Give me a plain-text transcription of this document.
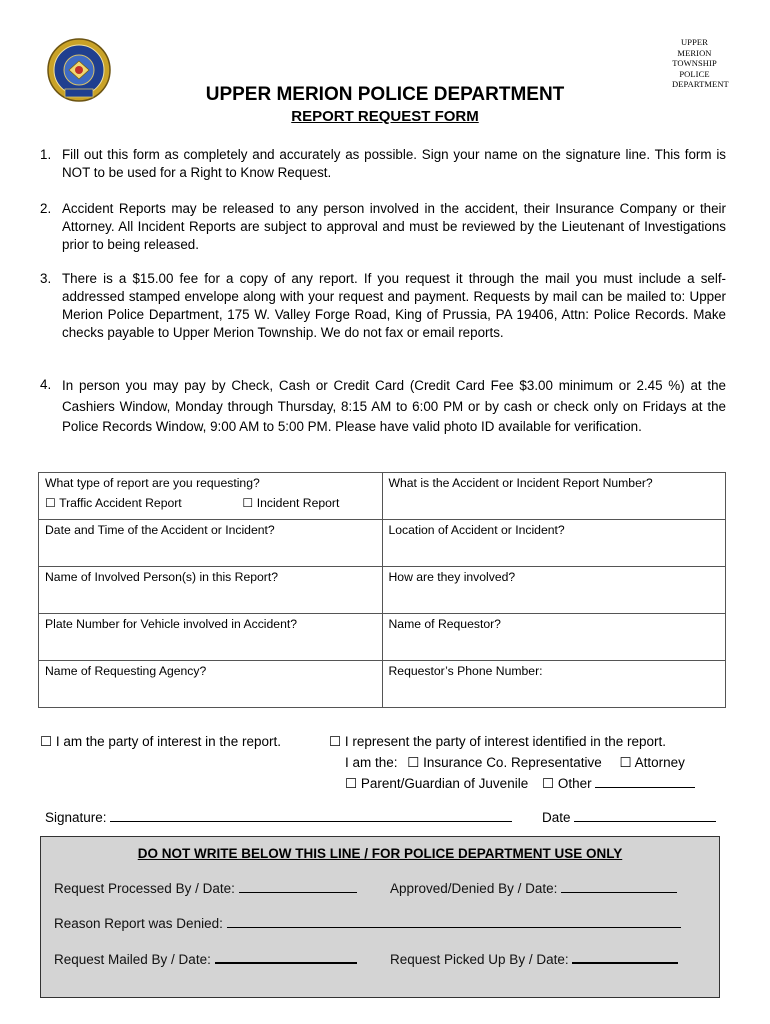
UPPER
MERION
TOWNSHIP
POLICE
DEPARTMENT
UPPER MERION POLICE DEPARTMENT
REPORT REQUEST FORM
1. Fill out this form as completely and accurately as possible. Sign your name on the signature line. This form is NOT to be used for a Right to Know Request.
2. Accident Reports may be released to any person involved in the accident, their Insurance Company or their Attorney. All Incident Reports are subject to approval and must be reviewed by the Lieutenant of Investigations prior to being released.
3. There is a $15.00 fee for a copy of any report. If you request it through the mail you must include a self-addressed stamped envelope along with your request and payment. Requests by mail can be mailed to: Upper Merion Police Department, 175 W. Valley Forge Road, King of Prussia, PA 19406, Attn: Police Records. Make checks payable to Upper Merion Township. We do not fax or email reports.
4. In person you may pay by Check, Cash or Credit Card (Credit Card Fee $3.00 minimum or 2.45 %) at the Cashiers Window, Monday through Thursday, 8:15 AM to 6:00 PM or by cash or check only on Fridays at the Police Records Window, 9:00 AM to 5:00 PM. Please have valid photo ID available for verification.
What type of report are you requesting?
☐ Traffic Accident Report ☐ Incident Report	What is the Accident or Incident Report Number?

Date and Time of the Accident or Incident?	Location of Accident or Incident?

Name of Involved Person(s) in this Report?	How are they involved?

Plate Number for Vehicle involved in Accident?	Name of Requestor?

Name of Requesting Agency?	Requestor’s Phone Number:
☐ I am the party of interest in the report.	☐ I represent the party of interest identified in the report.
I am the: ☐ Insurance Co. Representative ☐ Attorney
☐ Parent/Guardian of Juvenile ☐ Other
Signature:	Date
DO NOT WRITE BELOW THIS LINE / FOR POLICE DEPARTMENT USE ONLY
Request Processed By / Date:	Approved/Denied By / Date:
Reason Report was Denied:
Request Mailed By / Date:	Request Picked Up By / Date:
